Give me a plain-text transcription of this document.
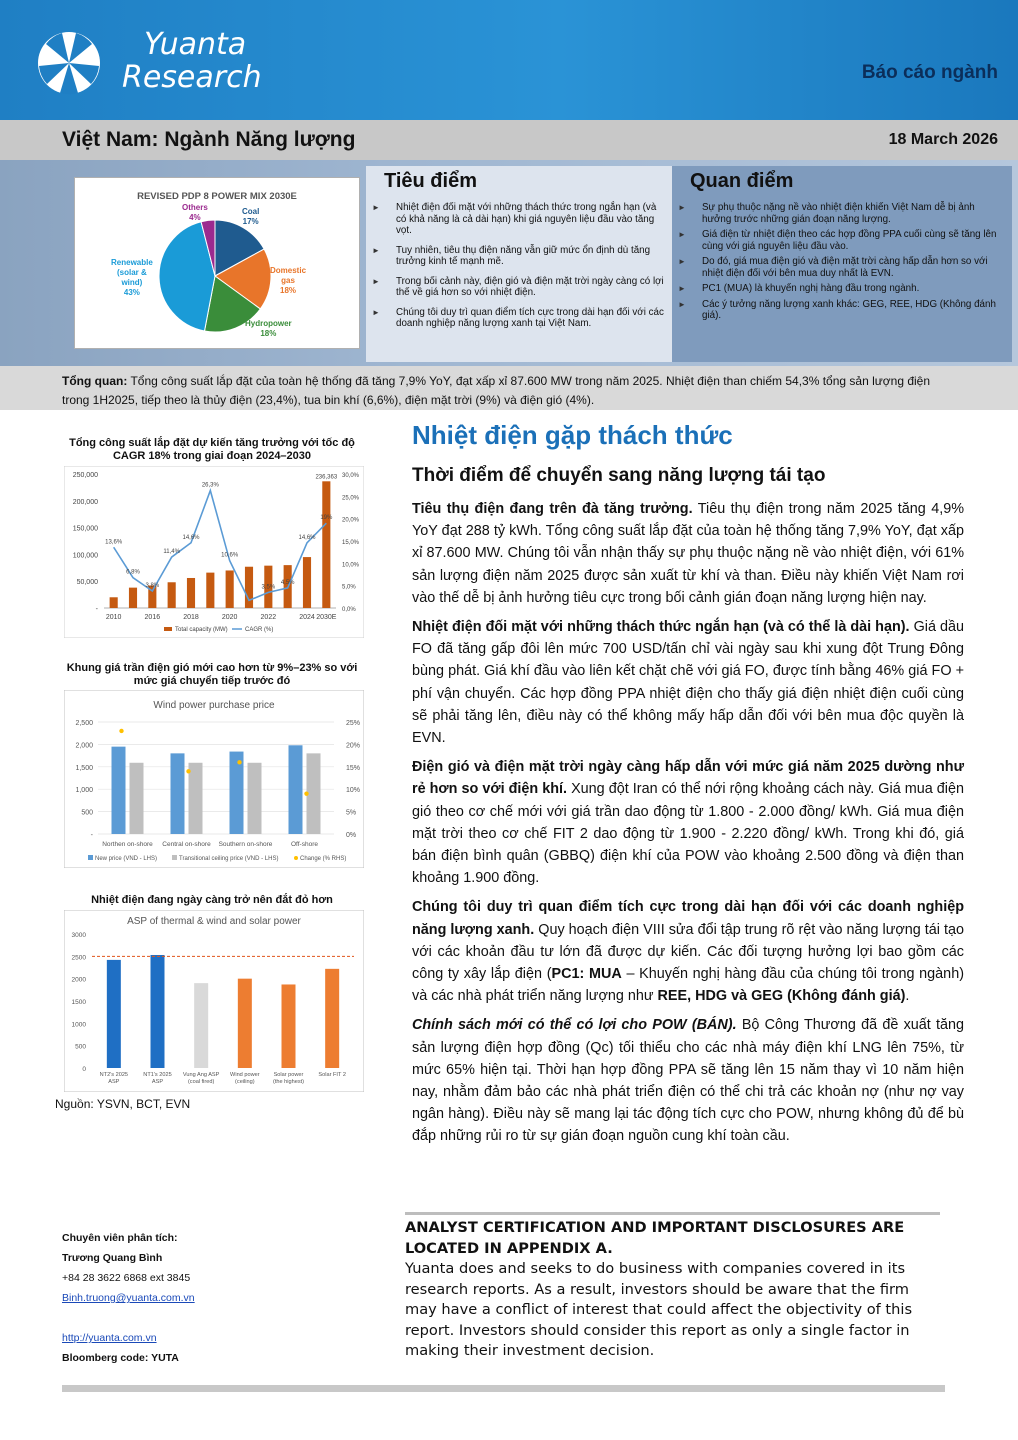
Yuanta
Research	Báo cáo ngành
Việt Nam: Ngành Năng lượng	18 March 2026
REVISED PDP 8 POWER MIX 2030E
Coal
17%
Domestic
gas
18%
Hydropower
18%
Renewable
(solar &
wind)
43%
Others
4%
Tiêu điểm
► Nhiệt điện đối mặt với những thách thức trong ngắn hạn (và có khả năng là cả dài hạn) khi giá nguyên liệu đầu vào tăng vọt.
► Tuy nhiên, tiêu thụ điện năng vẫn giữ mức ổn định dù tăng trưởng kinh tế mạnh mẽ.
► Trong bối cảnh này, điện gió và điện mặt trời ngày càng có lợi thế về giá hơn so với nhiệt điện.
► Chúng tôi duy trì quan điểm tích cực trong dài hạn đối với các doanh nghiệp năng lượng xanh tại Việt Nam.
Quan điểm
► Sự phụ thuộc nặng nề vào nhiệt điện khiến Việt Nam dễ bị ảnh hưởng trước những gián đoạn năng lượng.
► Giá điện từ nhiệt điện theo các hợp đồng PPA cuối cùng sẽ tăng lên cùng với giá nguyên liệu đầu vào.
► Do đó, giá mua điện gió và điện mặt trời càng hấp dẫn hơn so với nhiệt điện đối với bên mua duy nhất là EVN.
► PC1 (MUA) là khuyến nghị hàng đầu trong ngành.
► Các ý tưởng năng lượng xanh khác: GEG, REE, HDG (Không đánh giá).
Tổng quan: Tổng công suất lắp đặt của toàn hệ thống đã tăng 7,9% YoY, đạt xấp xỉ 87.600 MW trong năm 2025. Nhiệt điện than chiếm 54,3% tổng sản lượng điện trong 1H2025, tiếp theo là thủy điện (23,4%), tua bin khí (6,6%), điện mặt trời (9%) và điện gió (4%).
Tổng công suất lắp đặt dự kiến tăng trưởng với tốc độ CAGR 18% trong giai đoạn 2024–2030
-
50,000
100,000
150,000
200,000
250,000
0,0%
5,0%
10,0%
15,0%
20,0%
25,0%
30,0%
13,6%
6,8%
3,8%
11,4%
14,6%
26,3%
10,6%
3,5%
4,5%
14,6%
19%
236,363
2010	2016	2018	2020	2022	2024 2030E
Total capacity (MW)	CAGR (%)
Khung giá trần điện gió mới cao hơn từ 9%–23% so với mức giá chuyển tiếp trước đó
Wind power purchase price
-
500
1,000
1,500
2,000
2,500
0%
5%
10%
15%
20%
25%
Northen on-shore Central on-shore Southern on-shore	Off-shore
New price (VND - LHS)	Transitional ceiling price (VND - LHS)	Change (% RHS)
Nhiệt điện đang ngày càng trở nên đắt đỏ hơn
ASP of thermal & wind and solar power
0
500
1000
1500
2000
2500
3000
NT2's 2025
ASP
NT1's 2025
ASP
Vung Ang ASP
(coal fired)
Wind power
(ceiling)
Solar power
(the highest)
Solar FIT 2
Nguồn: YSVN, BCT, EVN
Nhiệt điện gặp thách thức
Thời điểm để chuyển sang năng lượng tái tạo

Tiêu thụ điện đang trên đà tăng trưởng. Tiêu thụ điện trong năm 2025 tăng 4,9% YoY đạt 288 tỷ kWh. Tổng công suất lắp đặt của toàn hệ thống tăng 7,9% YoY, đạt xấp xỉ 87.600 MW. Chúng tôi vẫn nhận thấy sự phụ thuộc nặng nề vào nhiệt điện, với 61% sản lượng điện năm 2025 được sản xuất từ khí và than. Điều này khiến Việt Nam rơi vào thế dễ bị ảnh hưởng tiêu cực trong bối cảnh gián đoạn năng lượng hiện nay.

Nhiệt điện đối mặt với những thách thức ngắn hạn (và có thể là dài hạn). Giá dầu FO đã tăng gấp đôi lên mức 700 USD/tấn chỉ vài ngày sau khi xung đột Trung Đông bùng phát. Giá khí đầu vào liên kết chặt chẽ với giá FO, được tính bằng 46% giá FO + phí vận chuyển. Các hợp đồng PPA nhiệt điện cho thấy giá điện nhiệt điện cuối cùng sẽ phải tăng lên, điều này có thể không mấy hấp dẫn đối với bên mua độc quyền là EVN.

Điện gió và điện mặt trời ngày càng hấp dẫn với mức giá năm 2025 dường như rẻ hơn so với điện khí. Xung đột Iran có thể nới rộng khoảng cách này. Giá mua điện gió theo cơ chế mới với giá trần dao động từ 1.800 - 2.000 đồng/ kWh. Giá mua điện mặt trời theo cơ chế FIT 2 dao động từ 1.900 - 2.220 đồng/ kWh. Trong khi đó, giá bán điện bình quân (GBBQ) điện khí của POW vào khoảng 2.500 đồng và điện than khoảng 1.900 đồng.

Chúng tôi duy trì quan điểm tích cực trong dài hạn đối với các doanh nghiệp năng lượng xanh. Quy hoạch điện VIII sửa đổi tập trung rõ rệt vào năng lượng tái tạo với các khoản đầu tư lớn đã được dự kiến. Các đối tượng hưởng lợi bao gồm các công ty xây lắp điện (PC1: MUA – Khuyến nghị hàng đầu của chúng tôi trong ngành) và các nhà phát triển năng lượng như REE, HDG và GEG (Không đánh giá).

Chính sách mới có thể có lợi cho POW (BÁN). Bộ Công Thương đã đề xuất tăng sản lượng điện hợp đồng (Qc) tối thiểu cho các nhà máy điện khí LNG lên 75%, từ mức 65% hiện tại. Thời hạn hợp đồng PPA sẽ tăng lên 15 năm thay vì 10 năm hiện nay, nhằm đảm bảo các nhà phát triển điện có thể chi trả các khoản nợ (như nợ vay ngân hàng). Điều này sẽ mang lại tác động tích cực cho POW, nhưng không đủ để bù đắp những rủi ro từ sự gián đoạn nguồn cung khí toàn cầu.

Chuyên viên phân tích:
Trương Quang Bình
+84 28 3622 6868 ext 3845
Binh.truong@yuanta.com.vn
http://yuanta.com.vn
Bloomberg code: YUTA
ANALYST CERTIFICATION AND IMPORTANT DISCLOSURES ARE
LOCATED IN APPENDIX A.
Yuanta does and seeks to do business with companies covered in its research reports. As a result, investors should be aware that the firm may have a conflict of interest that could affect the objectivity of this report. Investors should consider this report as only a single factor in making their investment decision.
